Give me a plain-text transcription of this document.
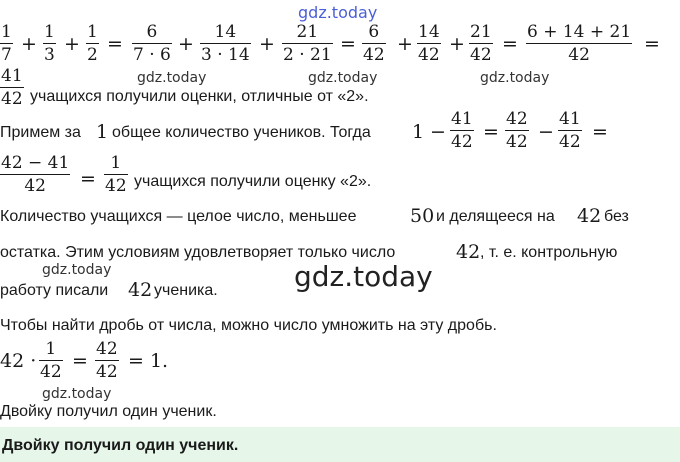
gdz.today
gdz.today	gdz.today	gdz.today
gdz.today	gdz.today
gdz.today
1
7
+
1
3
+
1
2
=
6
7 · 6
+
14
3 · 14
+
21
2 · 21
=
6
42
+
14
42
+
21
42
=
6 + 14 + 21
42
=
41
42 учащихся получили оценки, отличные от «2».
Примем за 1 общее количество учеников. Тогда 1 −
41
42 =
42
42 −
41
42 =
42 − 41
42	=
1
42 учащихся получили оценку «2».
Количество учащихся — целое число, меньшее	50 и делящееся на 42 без
остатка. Этим условиям удовлетворяет только число	42 , т. е. контрольную
работу писали 42 ученика.
Чтобы найти дробь от числа, можно число умножить на эту дробь.
42 ·
1
42
=
42
42
= 1.
Двойку получил один ученик.
Двойку получил один ученик.
